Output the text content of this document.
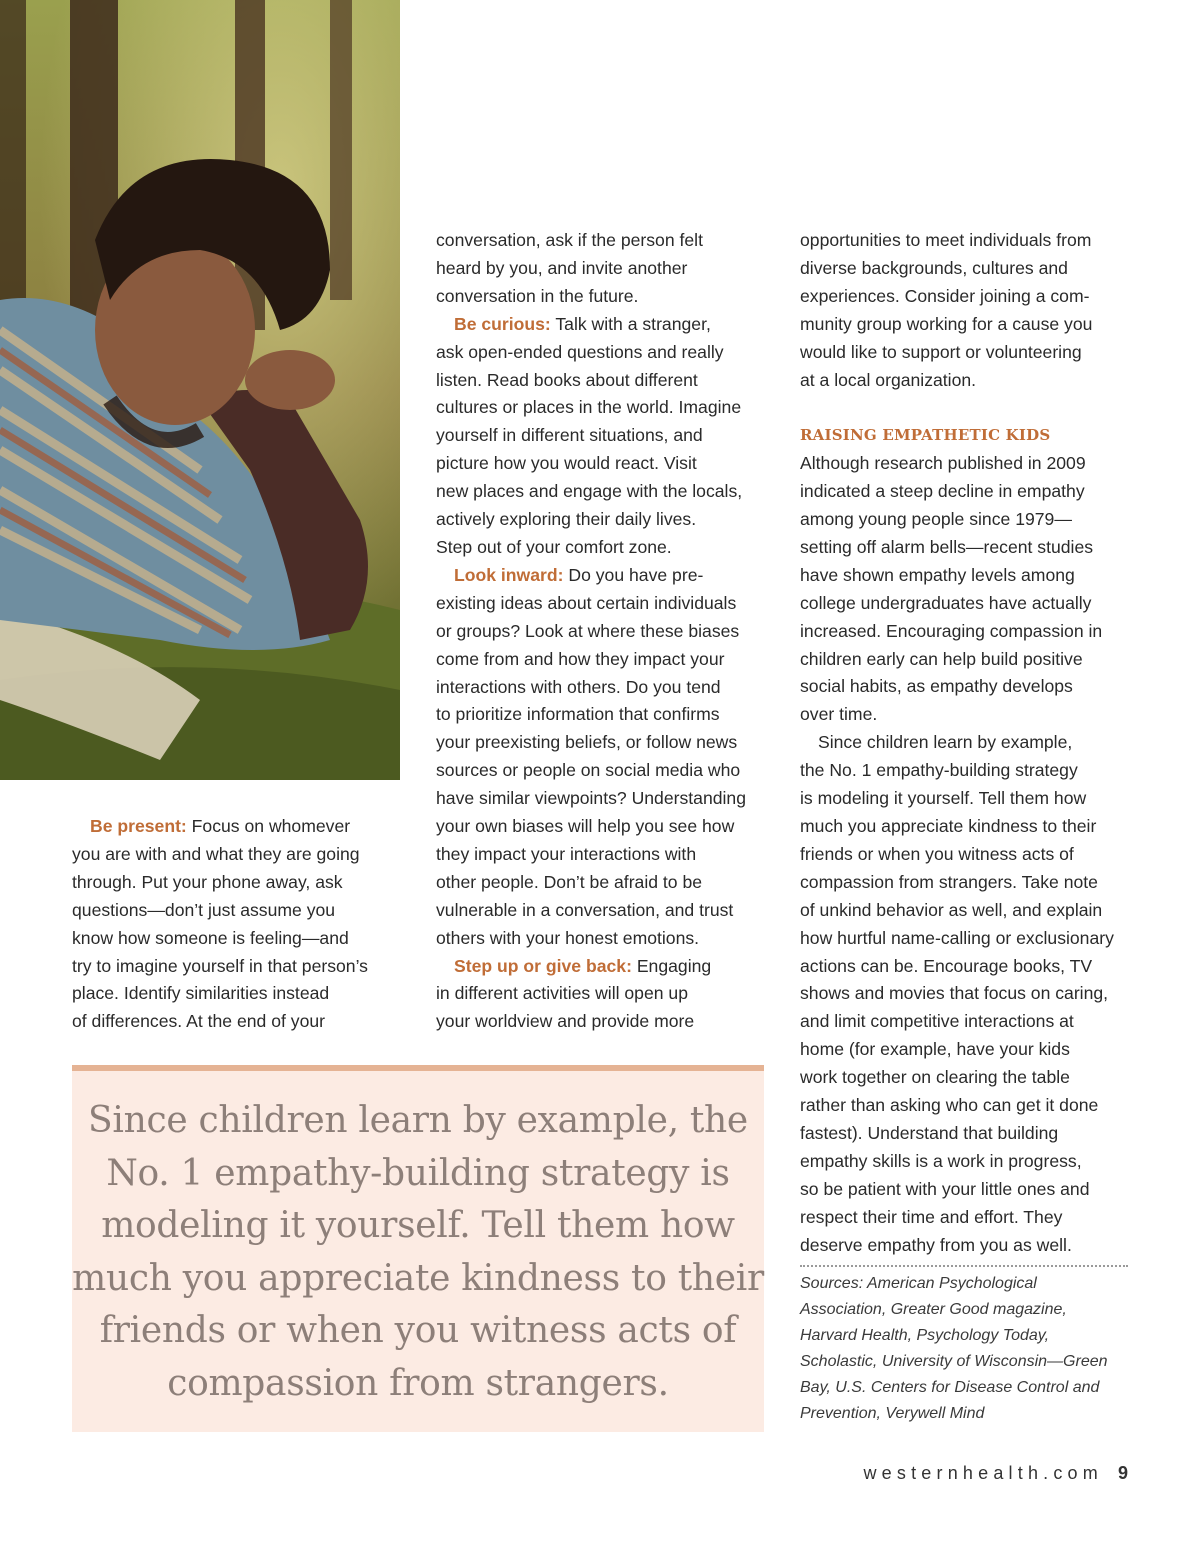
Be present: Focus on whomever
you are with and what they are going
through. Put your phone away, ask
questions—don’t just assume you
know how someone is feeling—and
try to imagine yourself in that person’s
place. Identify similarities instead
of differences. At the end of your

conversation, ask if the person felt
heard by you, and invite another
conversation in the future.

Be curious: Talk with a stranger,
ask open-ended questions and really
listen. Read books about different
cultures or places in the world. Imagine
yourself in different situations, and
picture how you would react. Visit
new places and engage with the locals,
actively exploring their daily lives.
Step out of your comfort zone.

Look inward: Do you have pre-
existing ideas about certain individuals
or groups? Look at where these biases
come from and how they impact your
interactions with others. Do you tend
to prioritize information that confirms
your preexisting beliefs, or follow news
sources or people on social media who
have similar viewpoints? Understanding
your own biases will help you see how
they impact your interactions with
other people. Don’t be afraid to be
vulnerable in a conversation, and trust
others with your honest emotions.

Step up or give back: Engaging
in different activities will open up
your worldview and provide more

opportunities to meet individuals from
diverse backgrounds, cultures and
experiences. Consider joining a com-
munity group working for a cause you
would like to support or volunteering
at a local organization.

RAISING EMPATHETIC KIDS

Although research published in 2009
indicated a steep decline in empathy
among young people since 1979—
setting off alarm bells—recent studies
have shown empathy levels among
college undergraduates have actually
increased. Encouraging compassion in
children early can help build positive
social habits, as empathy develops
over time.

Since children learn by example,
the No. 1 empathy-building strategy
is modeling it yourself. Tell them how
much you appreciate kindness to their
friends or when you witness acts of
compassion from strangers. Take note
of unkind behavior as well, and explain
how hurtful name-calling or exclusionary
actions can be. Encourage books, TV
shows and movies that focus on caring,
and limit competitive interactions at
home (for example, have your kids
work together on clearing the table
rather than asking who can get it done
fastest). Understand that building
empathy skills is a work in progress,
so be patient with your little ones and
respect their time and effort. They
deserve empathy from you as well.

Sources: American Psychological
Association, Greater Good magazine,
Harvard Health, Psychology Today,
Scholastic, University of Wisconsin—Green
Bay, U.S. Centers for Disease Control and
Prevention, Verywell Mind
Since children learn by example, the
No. 1 empathy-building strategy is
modeling it yourself. Tell them how
much you appreciate kindness to their
friends or when you witness acts of
compassion from strangers.
westernhealth.com 9
